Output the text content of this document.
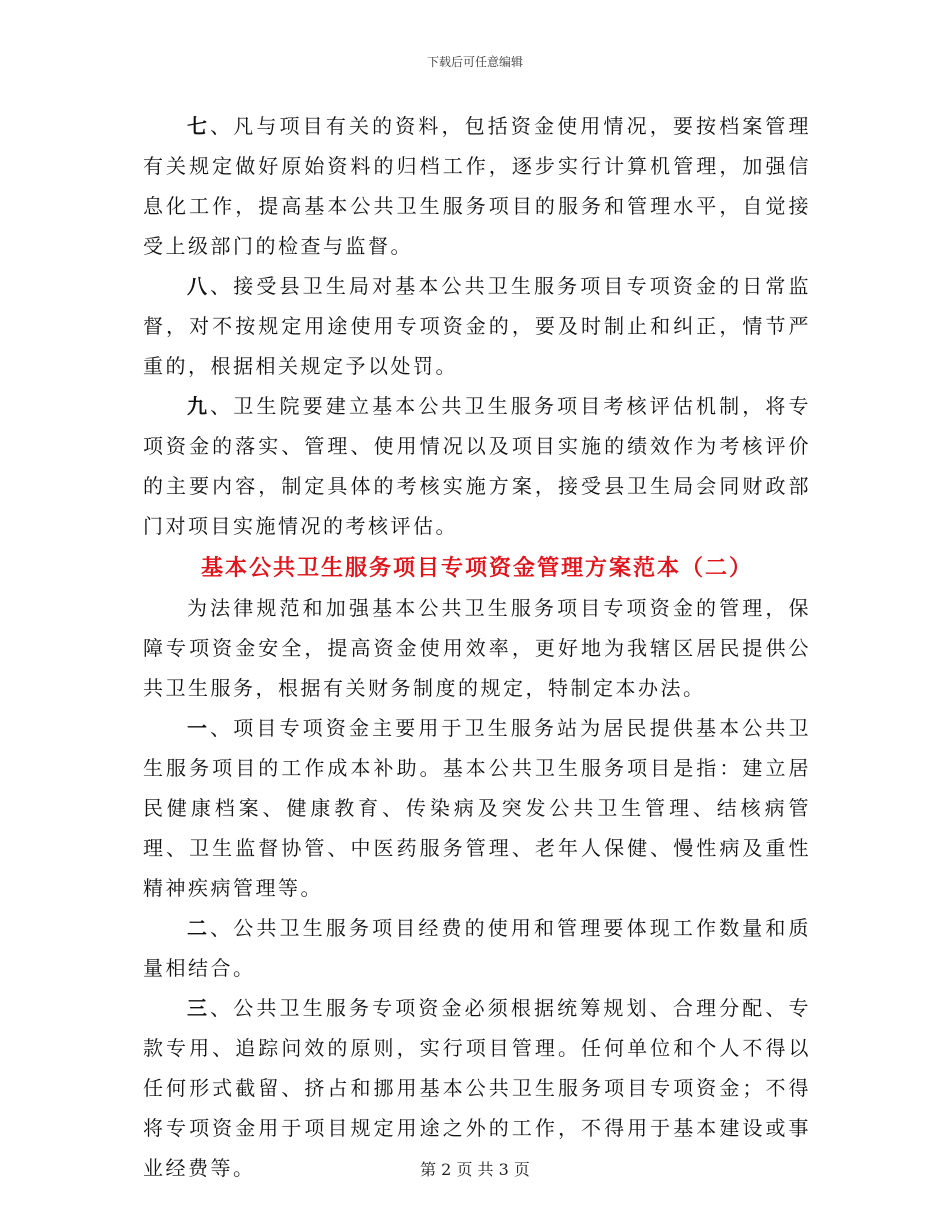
下载后可任意编辑

七、凡与项目有关的资料，包括资金使用情况，要按档案管理有关规定做好原始资料的归档工作，逐步实行计算机管理，加强信息化工作，提高基本公共卫生服务项目的服务和管理水平，自觉接受上级部门的检查与监督。

八、接受县卫生局对基本公共卫生服务项目专项资金的日常监督，对不按规定用途使用专项资金的，要及时制止和纠正，情节严重的，根据相关规定予以处罚。

九、卫生院要建立基本公共卫生服务项目考核评估机制，将专项资金的落实、管理、使用情况以及项目实施的绩效作为考核评价的主要内容，制定具体的考核实施方案，接受县卫生局会同财政部门对项目实施情况的考核评估。

基本公共卫生服务项目专项资金管理方案范本（二）

为法律规范和加强基本公共卫生服务项目专项资金的管理，保障专项资金安全，提高资金使用效率，更好地为我辖区居民提供公共卫生服务，根据有关财务制度的规定，特制定本办法。

一、项目专项资金主要用于卫生服务站为居民提供基本公共卫生服务项目的工作成本补助。基本公共卫生服务项目是指：建立居民健康档案、健康教育、传染病及突发公共卫生管理、结核病管理、卫生监督协管、中医药服务管理、老年人保健、慢性病及重性精神疾病管理等。

二、公共卫生服务项目经费的使用和管理要体现工作数量和质量相结合。

三、公共卫生服务专项资金必须根据统筹规划、合理分配、专款专用、追踪问效的原则，实行项目管理。任何单位和个人不得以任何形式截留、挤占和挪用基本公共卫生服务项目专项资金；不得将专项资金用于项目规定用途之外的工作，不得用于基本建设或事业经费等。	第 2 页 共 3 页
